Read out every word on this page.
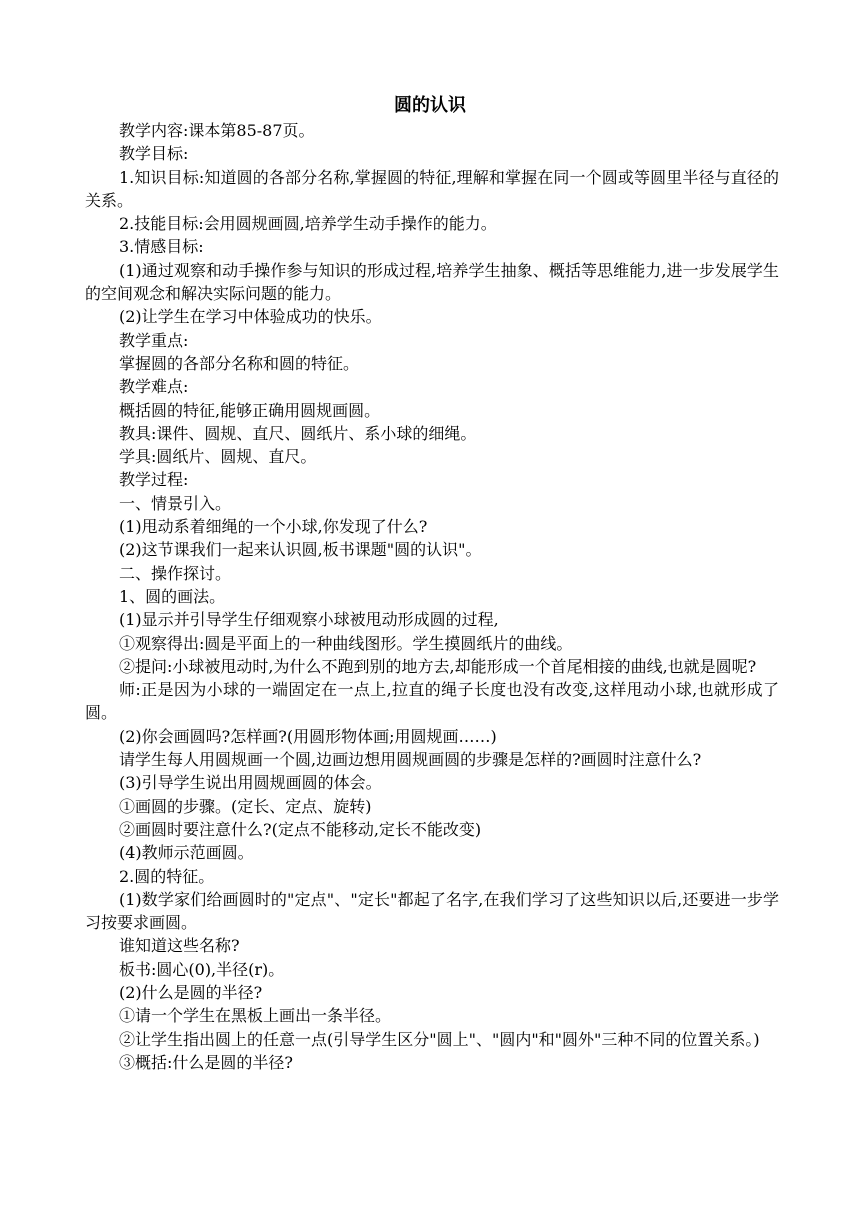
圆的认识

教学内容:课本第85-87页。

教学目标:

1.知识目标:知道圆的各部分名称,掌握圆的特征,理解和掌握在同一个圆或等圆里半径与直径的关系。

2.技能目标:会用圆规画圆,培养学生动手操作的能力。

3.情感目标:

(1)通过观察和动手操作参与知识的形成过程,培养学生抽象、概括等思维能力,进一步发展学生的空间观念和解决实际问题的能力。

(2)让学生在学习中体验成功的快乐。

教学重点:

掌握圆的各部分名称和圆的特征。

教学难点:

概括圆的特征,能够正确用圆规画圆。

教具:课件、圆规、直尺、圆纸片、系小球的细绳。

学具:圆纸片、圆规、直尺。

教学过程:

一、情景引入。

(1)甩动系着细绳的一个小球,你发现了什么?

(2)这节课我们一起来认识圆,板书课题"圆的认识"。

二、操作探讨。

1、圆的画法。

(1)显示并引导学生仔细观察小球被甩动形成圆的过程,

①观察得出:圆是平面上的一种曲线图形。学生摸圆纸片的曲线。

②提问:小球被甩动时,为什么不跑到别的地方去,却能形成一个首尾相接的曲线,也就是圆呢?

师:正是因为小球的一端固定在一点上,拉直的绳子长度也没有改变,这样甩动小球,也就形成了圆。

(2)你会画圆吗?怎样画?(用圆形物体画;用圆规画……)

请学生每人用圆规画一个圆,边画边想用圆规画圆的步骤是怎样的?画圆时注意什么?

(3)引导学生说出用圆规画圆的体会。

①画圆的步骤。(定长、定点、旋转)

②画圆时要注意什么?(定点不能移动,定长不能改变)

(4)教师示范画圆。

2.圆的特征。

(1)数学家们给画圆时的"定点"、"定长"都起了名字,在我们学习了这些知识以后,还要进一步学习按要求画圆。

谁知道这些名称?

板书:圆心(0),半径(r)。

(2)什么是圆的半径?

①请一个学生在黑板上画出一条半径。

②让学生指出圆上的任意一点(引导学生区分"圆上"、"圆内"和"圆外"三种不同的位置关系。)

③概括:什么是圆的半径?
